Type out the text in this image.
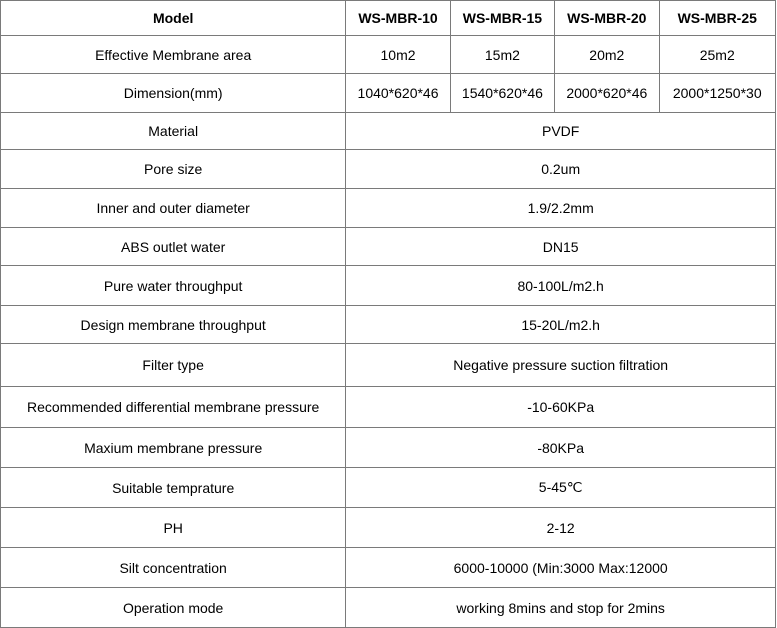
Model	WS-MBR-10	WS-MBR-15	WS-MBR-20	WS-MBR-25
Effective Membrane area	10m2	15m2	20m2	25m2
Dimension(mm)	1040*620*46	1540*620*46	2000*620*46	2000*1250*30
Material	PVDF			
Pore size	0.2um			
Inner and outer diameter	1.9/2.2mm			
ABS outlet water	DN15			
Pure water throughput	80-100L/m2.h			
Design membrane throughput	15-20L/m2.h			
Filter type	Negative pressure suction filtration			
Recommended differential membrane pressure	-10-60KPa			
Maxium membrane pressure	-80KPa			
Suitable temprature	5-45℃			
PH	2-12			
Silt concentration	6000-10000 (Min:3000 Max:12000			
Operation mode	working 8mins and stop for 2mins			
